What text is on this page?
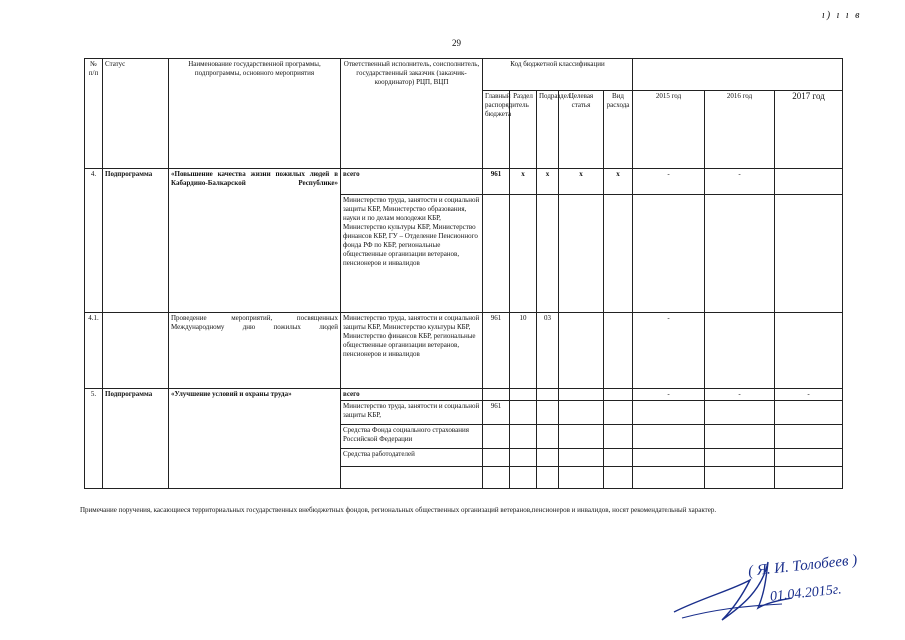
29
ı) ı ı в
№ п/п	Статус	Наименование государственной программы, подпрограммы, основного мероприятия	Ответственный исполнитель, соисполнитель, государственный заказчик (заказчик-координатор) РЦП, ВЦП	Код бюджетной классификации							
				Главный распорядитель бюджета	Раздел	Подраздел	Целевая статья	Вид расхода	2015 год	2016 год	2017 год
4.	Подпрограмма	«Повышение качества жизни пожилых людей в Кабардино-Балкарской Республике»	всего	961	x	x	x	x	-	-	
			Министерство труда, занятости и социальной защиты КБР, Министерство образования, науки и по делам молодежи КБР, Министерство культуры КБР, Министерство финансов КБР, ГУ – Отделение Пенсионного фонда РФ по КБР, региональные общественные организации ветеранов, пенсионеров и инвалидов								
4.1.		Проведение мероприятий, посвященных Международному дню пожилых людей	Министерство труда, занятости и социальной защиты КБР, Министерство культуры КБР, Министерство финансов КБР, региональные общественные организации ветеранов, пенсионеров и инвалидов	961	10	03			-		
5.	Подпрограмма	«Улучшение условий и охраны труда»	всего						-	-	-
			Министерство труда, занятости и социальной защиты КБР,	961							
			Средства Фонда социального страхования Российской Федерации								
			Средства работодателей								

Примечание поручения, касающиеся территориальных государственных внебюджетных фондов, региональных общественных организаций ветеранов,пенсионеров и инвалидов, носят рекомендательный характер.
( Я. И. Толобеев )
01.04.2015г.
